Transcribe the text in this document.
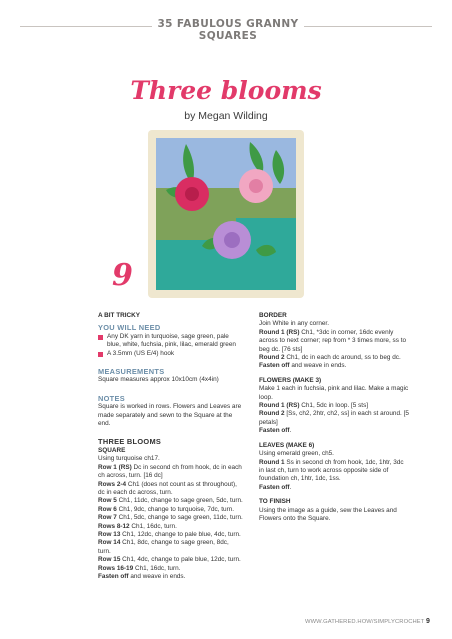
35 FABULOUS GRANNY SQUARES
Three blooms
by Megan Wilding
9
A BIT TRICKY
YOU WILL NEED
Any DK yarn in turquoise, sage green, pale blue, white, fuchsia, pink, lilac, emerald green
A 3.5mm (US E/4) hook
MEASUREMENTS
Square measures approx 10x10cm (4x4in)
NOTES
Square is worked in rows. Flowers and Leaves are made separately and sewn to the Square at the end.
THREE BLOOMS
SQUARE
Using turquoise ch17.
Row 1 (RS) Dc in second ch from hook, dc in each ch across, turn. [16 dc]
Rows 2-4 Ch1 (does not count as st throughout), dc in each dc across, turn.
Row 5 Ch1, 11dc, change to sage green, 5dc, turn.
Row 6 Ch1, 9dc, change to turquoise, 7dc, turn.
Row 7 Ch1, 5dc, change to sage green, 11dc, turn.
Rows 8-12 Ch1, 16dc, turn.
Row 13 Ch1, 12dc, change to pale blue, 4dc, turn.
Row 14 Ch1, 8dc, change to sage green, 8dc, turn.
Row 15 Ch1, 4dc, change to pale blue, 12dc, turn.
Rows 16-19 Ch1, 16dc, turn.
Fasten off and weave in ends.
BORDER
Join White in any corner.
Round 1 (RS) Ch1, *3dc in corner, 16dc evenly across to next corner; rep from * 3 times more, ss to beg dc. [76 sts]
Round 2 Ch1, dc in each dc around, ss to beg dc.
Fasten off and weave in ends.
FLOWERS (MAKE 3)
Make 1 each in fuchsia, pink and lilac. Make a magic loop.
Round 1 (RS) Ch1, 5dc in loop. [5 sts]
Round 2 [Ss, ch2, 2htr, ch2, ss] in each st around. [5 petals]
Fasten off.
LEAVES (MAKE 6)
Using emerald green, ch5.
Round 1 Ss in second ch from hook, 1dc, 1htr, 3dc in last ch, turn to work across opposite side of foundation ch, 1htr, 1dc, 1ss.
Fasten off.
TO FINISH
Using the image as a guide, sew the Leaves and Flowers onto the Square.
WWW.GATHERED.HOW/SIMPLYCROCHET 9
